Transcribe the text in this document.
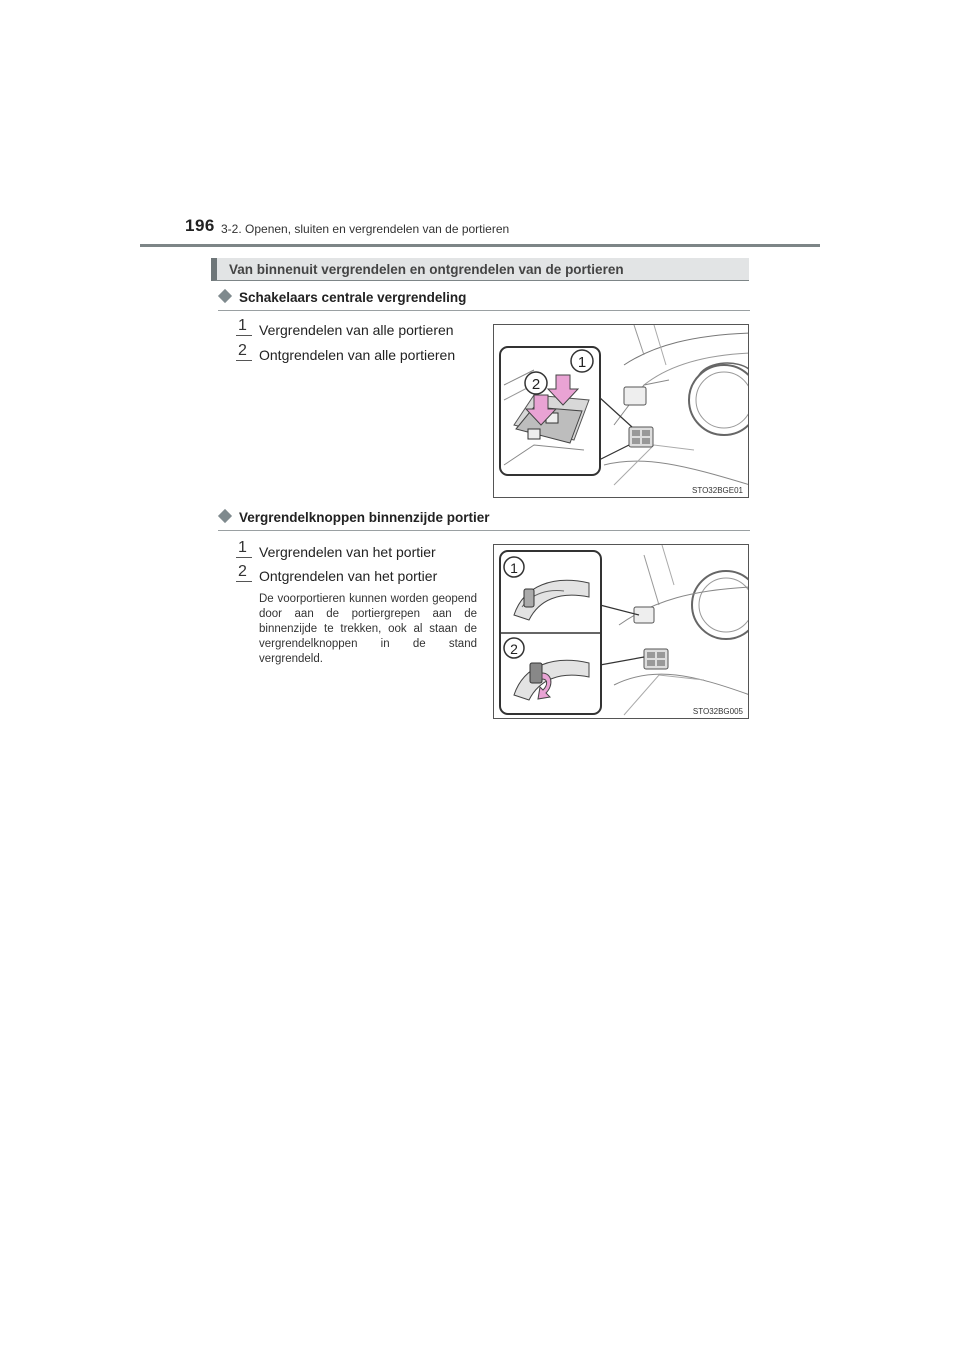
196 3-2. Openen, sluiten en vergrendelen van de portieren
Van binnenuit vergrendelen en ontgrendelen van de portieren
Schakelaars centrale vergrendeling
1 Vergrendelen van alle portieren
2 Ontgrendelen van alle portieren	1
2
STO32BGE01
Vergrendelknoppen binnenzijde portier
1 Vergrendelen van het portier
2 Ontgrendelen van het portier
De voorportieren kunnen worden geopend door aan de portiergrepen aan de binnenzijde te trekken, ook al staan de vergrendelknoppen in de stand vergrendeld.
1
2
STO32BG005
